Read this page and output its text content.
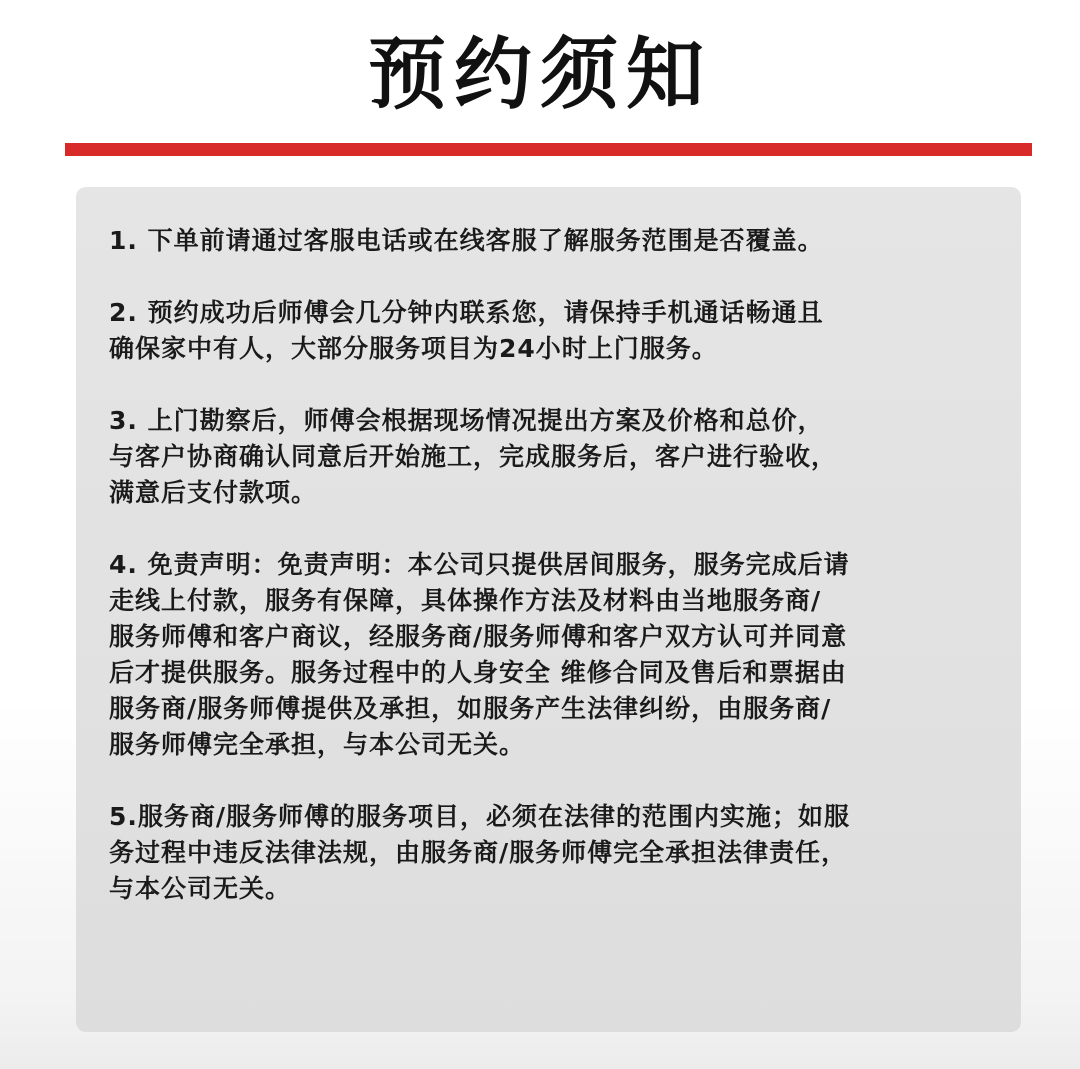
预约须知

1. 下单前请通过客服电话或在线客服了解服务范围是否覆盖。

2. 预约成功后师傅会几分钟内联系您，请保持手机通话畅通且
确保家中有人，大部分服务项目为24小时上门服务。

3. 上门勘察后，师傅会根据现场情况提出方案及价格和总价，
与客户协商确认同意后开始施工，完成服务后，客户进行验收，
满意后支付款项。

4. 免责声明：免责声明：本公司只提供居间服务，服务完成后请
走线上付款，服务有保障，具体操作方法及材料由当地服务商/
服务师傅和客户商议，经服务商/服务师傅和客户双方认可并同意
后才提供服务。服务过程中的人身安全 维修合同及售后和票据由
服务商/服务师傅提供及承担，如服务产生法律纠纷，由服务商/
服务师傅完全承担，与本公司无关。

5.服务商/服务师傅的服务项目，必须在法律的范围内实施；如服
务过程中违反法律法规，由服务商/服务师傅完全承担法律责任，
与本公司无关。
